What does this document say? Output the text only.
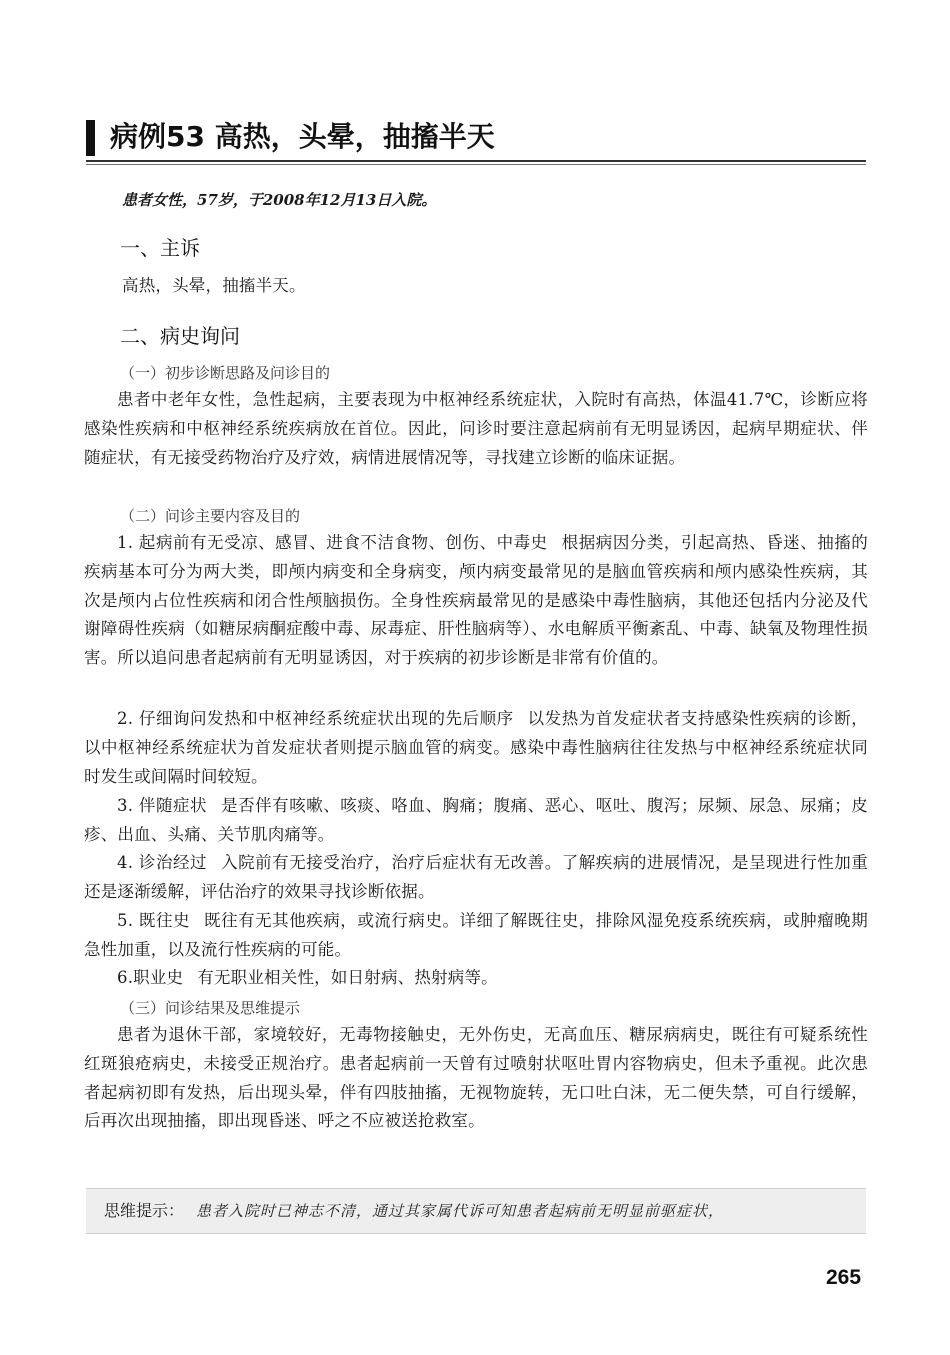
病例53 高热，头晕，抽搐半天
患者女性，57岁，于2008年12月13日入院。
一、主诉
高热，头晕，抽搐半天。
二、病史询问
（一）初步诊断思路及问诊目的
患者中老年女性，急性起病，主要表现为中枢神经系统症状，入院时有高热，体温41.7℃，诊断应将感染性疾病和中枢神经系统疾病放在首位。因此，问诊时要注意起病前有无明显诱因，起病早期症状、伴随症状，有无接受药物治疗及疗效，病情进展情况等，寻找建立诊断的临床证据。
（二）问诊主要内容及目的
1. 起病前有无受凉、感冒、进食不洁食物、创伤、中毒史 根据病因分类，引起高热、昏迷、抽搐的疾病基本可分为两大类，即颅内病变和全身病变，颅内病变最常见的是脑血管疾病和颅内感染性疾病，其次是颅内占位性疾病和闭合性颅脑损伤。全身性疾病最常见的是感染中毒性脑病，其他还包括内分泌及代谢障碍性疾病（如糖尿病酮症酸中毒、尿毒症、肝性脑病等）、水电解质平衡紊乱、中毒、缺氧及物理性损害。所以追问患者起病前有无明显诱因，对于疾病的初步诊断是非常有价值的。
2. 仔细询问发热和中枢神经系统症状出现的先后顺序 以发热为首发症状者支持感染性疾病的诊断，以中枢神经系统症状为首发症状者则提示脑血管的病变。感染中毒性脑病往往发热与中枢神经系统症状同时发生或间隔时间较短。
3. 伴随症状 是否伴有咳嗽、咳痰、咯血、胸痛；腹痛、恶心、呕吐、腹泻；尿频、尿急、尿痛；皮疹、出血、头痛、关节肌肉痛等。
4. 诊治经过 入院前有无接受治疗，治疗后症状有无改善。了解疾病的进展情况，是呈现进行性加重还是逐渐缓解，评估治疗的效果寻找诊断依据。
5. 既往史 既往有无其他疾病，或流行病史。详细了解既往史，排除风湿免疫系统疾病，或肿瘤晚期急性加重，以及流行性疾病的可能。
6.职业史 有无职业相关性，如日射病、热射病等。
（三）问诊结果及思维提示
患者为退休干部，家境较好，无毒物接触史，无外伤史，无高血压、糖尿病病史，既往有可疑系统性红斑狼疮病史，未接受正规治疗。患者起病前一天曾有过喷射状呕吐胃内容物病史，但未予重视。此次患者起病初即有发热，后出现头晕，伴有四肢抽搐，无视物旋转，无口吐白沫，无二便失禁，可自行缓解，后再次出现抽搐，即出现昏迷、呼之不应被送抢救室。
思维提示： 患者入院时已神志不清，通过其家属代诉可知患者起病前无明显前驱症状，
265
